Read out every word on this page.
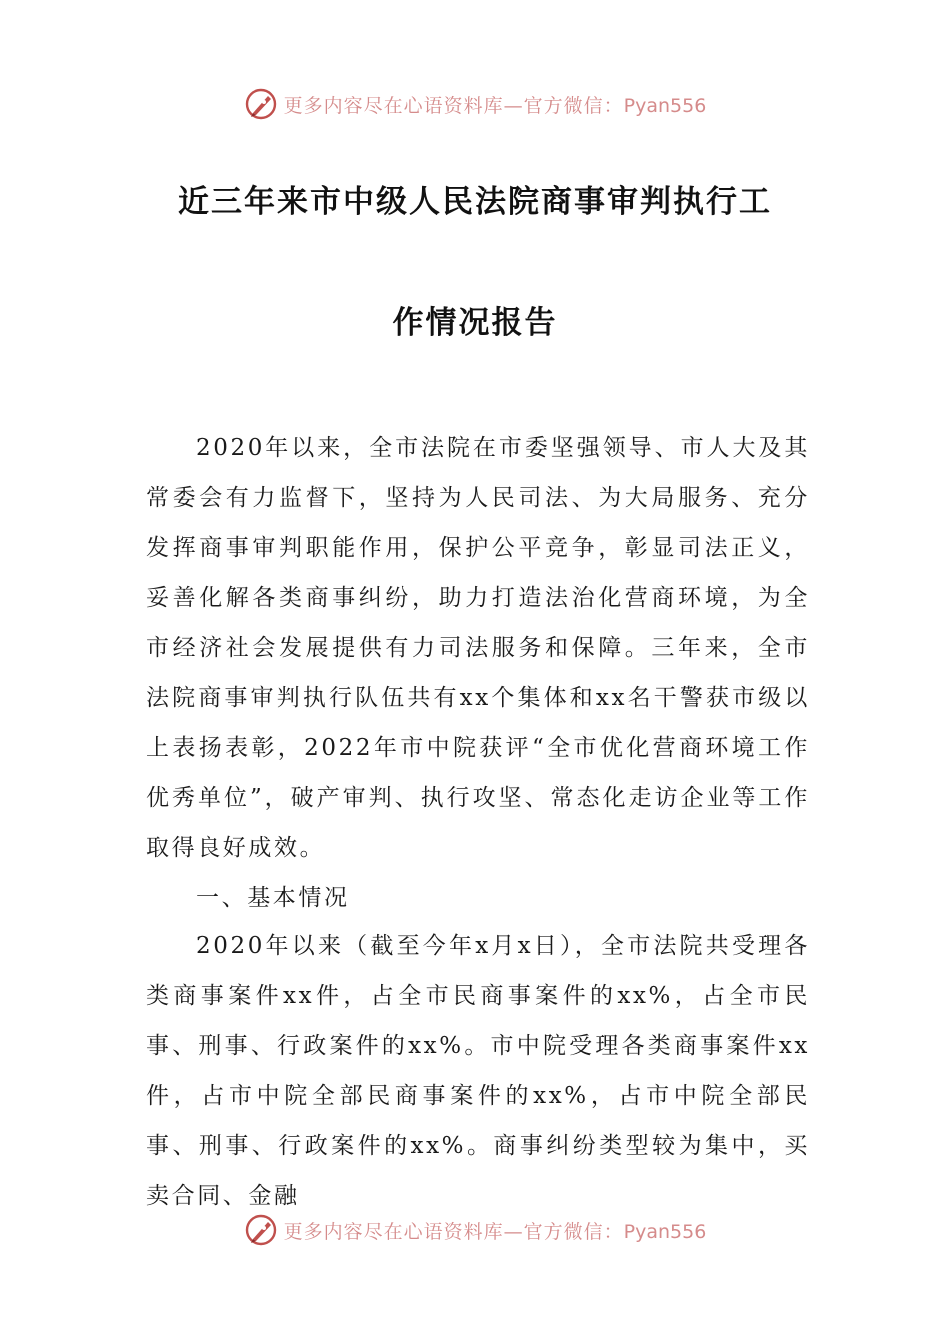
更多内容尽在心语资料库—官方微信： Pyan556
近三年来市中级人民法院商事审判执行工
作情况报告

2020年以来，全市法院在市委坚强领导、市人大及其常委会有力监督下，坚持为人民司法、为大局服务、充分发挥商事审判职能作用，保护公平竞争，彰显司法正义，妥善化解各类商事纠纷，助力打造法治化营商环境，为全市经济社会发展提供有力司法服务和保障。三年来，全市法院商事审判执行队伍共有xx个集体和xx名干警获市级以上表扬表彰，2022年市中院获评“全市优化营商环境工作优秀单位”，破产审判、执行攻坚、常态化走访企业等工作取得良好成效。

一、基本情况

2020年以来（截至今年x月x日），全市法院共受理各类商事案件xx件，占全市民商事案件的xx%，占全市民事、刑事、行政案件的xx%。市中院受理各类商事案件xx件，占市中院全部民商事案件的xx%，占市中院全部民事、刑事、行政案件的xx%。商事纠纷类型较为集中，买卖合同、金融

更多内容尽在心语资料库—官方微信： Pyan556
